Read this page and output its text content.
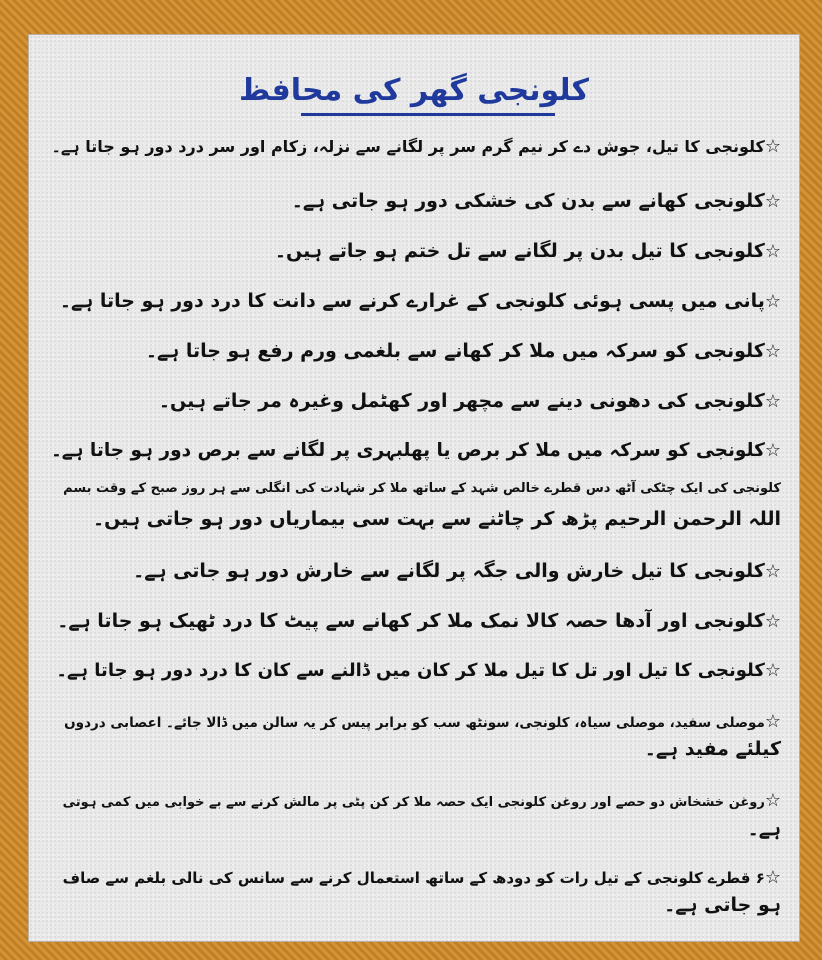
کلونجی گھر کی محافظ
☆کلونجی کا تیل، جوش دے کر نیم گرم سر پر لگانے سے نزلہ، زکام اور سر درد دور ہو جاتا ہے۔
☆کلونجی کھانے سے بدن کی خشکی دور ہو جاتی ہے۔
☆کلونجی کا تیل بدن پر لگانے سے تل ختم ہو جاتے ہیں۔
☆پانی میں پسی ہوئی کلونجی کے غرارے کرنے سے دانت کا درد دور ہو جاتا ہے۔
☆کلونجی کو سرکہ میں ملا کر کھانے سے بلغمی ورم رفع ہو جاتا ہے۔
☆کلونجی کی دھونی دینے سے مچھر اور کھٹمل وغیرہ مر جاتے ہیں۔
☆کلونجی کو سرکہ میں ملا کر برص یا پھلبہری پر لگانے سے برص دور ہو جاتا ہے۔
کلونجی کی ایک چٹکی آٹھ دس قطرے خالص شہد کے ساتھ ملا کر شہادت کی انگلی سے ہر روز صبح کے وقت بسم
اللہ الرحمن الرحیم پڑھ کر چاٹنے سے بہت سی بیماریاں دور ہو جاتی ہیں۔
☆کلونجی کا تیل خارش والی جگہ پر لگانے سے خارش دور ہو جاتی ہے۔
☆کلونجی اور آدھا حصہ کالا نمک ملا کر کھانے سے پیٹ کا درد ٹھیک ہو جاتا ہے۔
☆کلونجی کا تیل اور تل کا تیل ملا کر کان میں ڈالنے سے کان کا درد دور ہو جاتا ہے۔
☆موصلی سفید، موصلی سیاہ، کلونجی، سونٹھ سب کو برابر پیس کر یہ سالن میں ڈالا جائے۔ اعصابی دردوں
کیلئے مفید ہے۔
☆روغن خشخاش دو حصے اور روغن کلونجی ایک حصہ ملا کر کن پٹی پر مالش کرنے سے بے خوابی میں کمی ہوتی
ہے۔
☆۶ قطرے کلونجی کے تیل رات کو دودھ کے ساتھ استعمال کرنے سے سانس کی نالی بلغم سے صاف
ہو جاتی ہے۔
